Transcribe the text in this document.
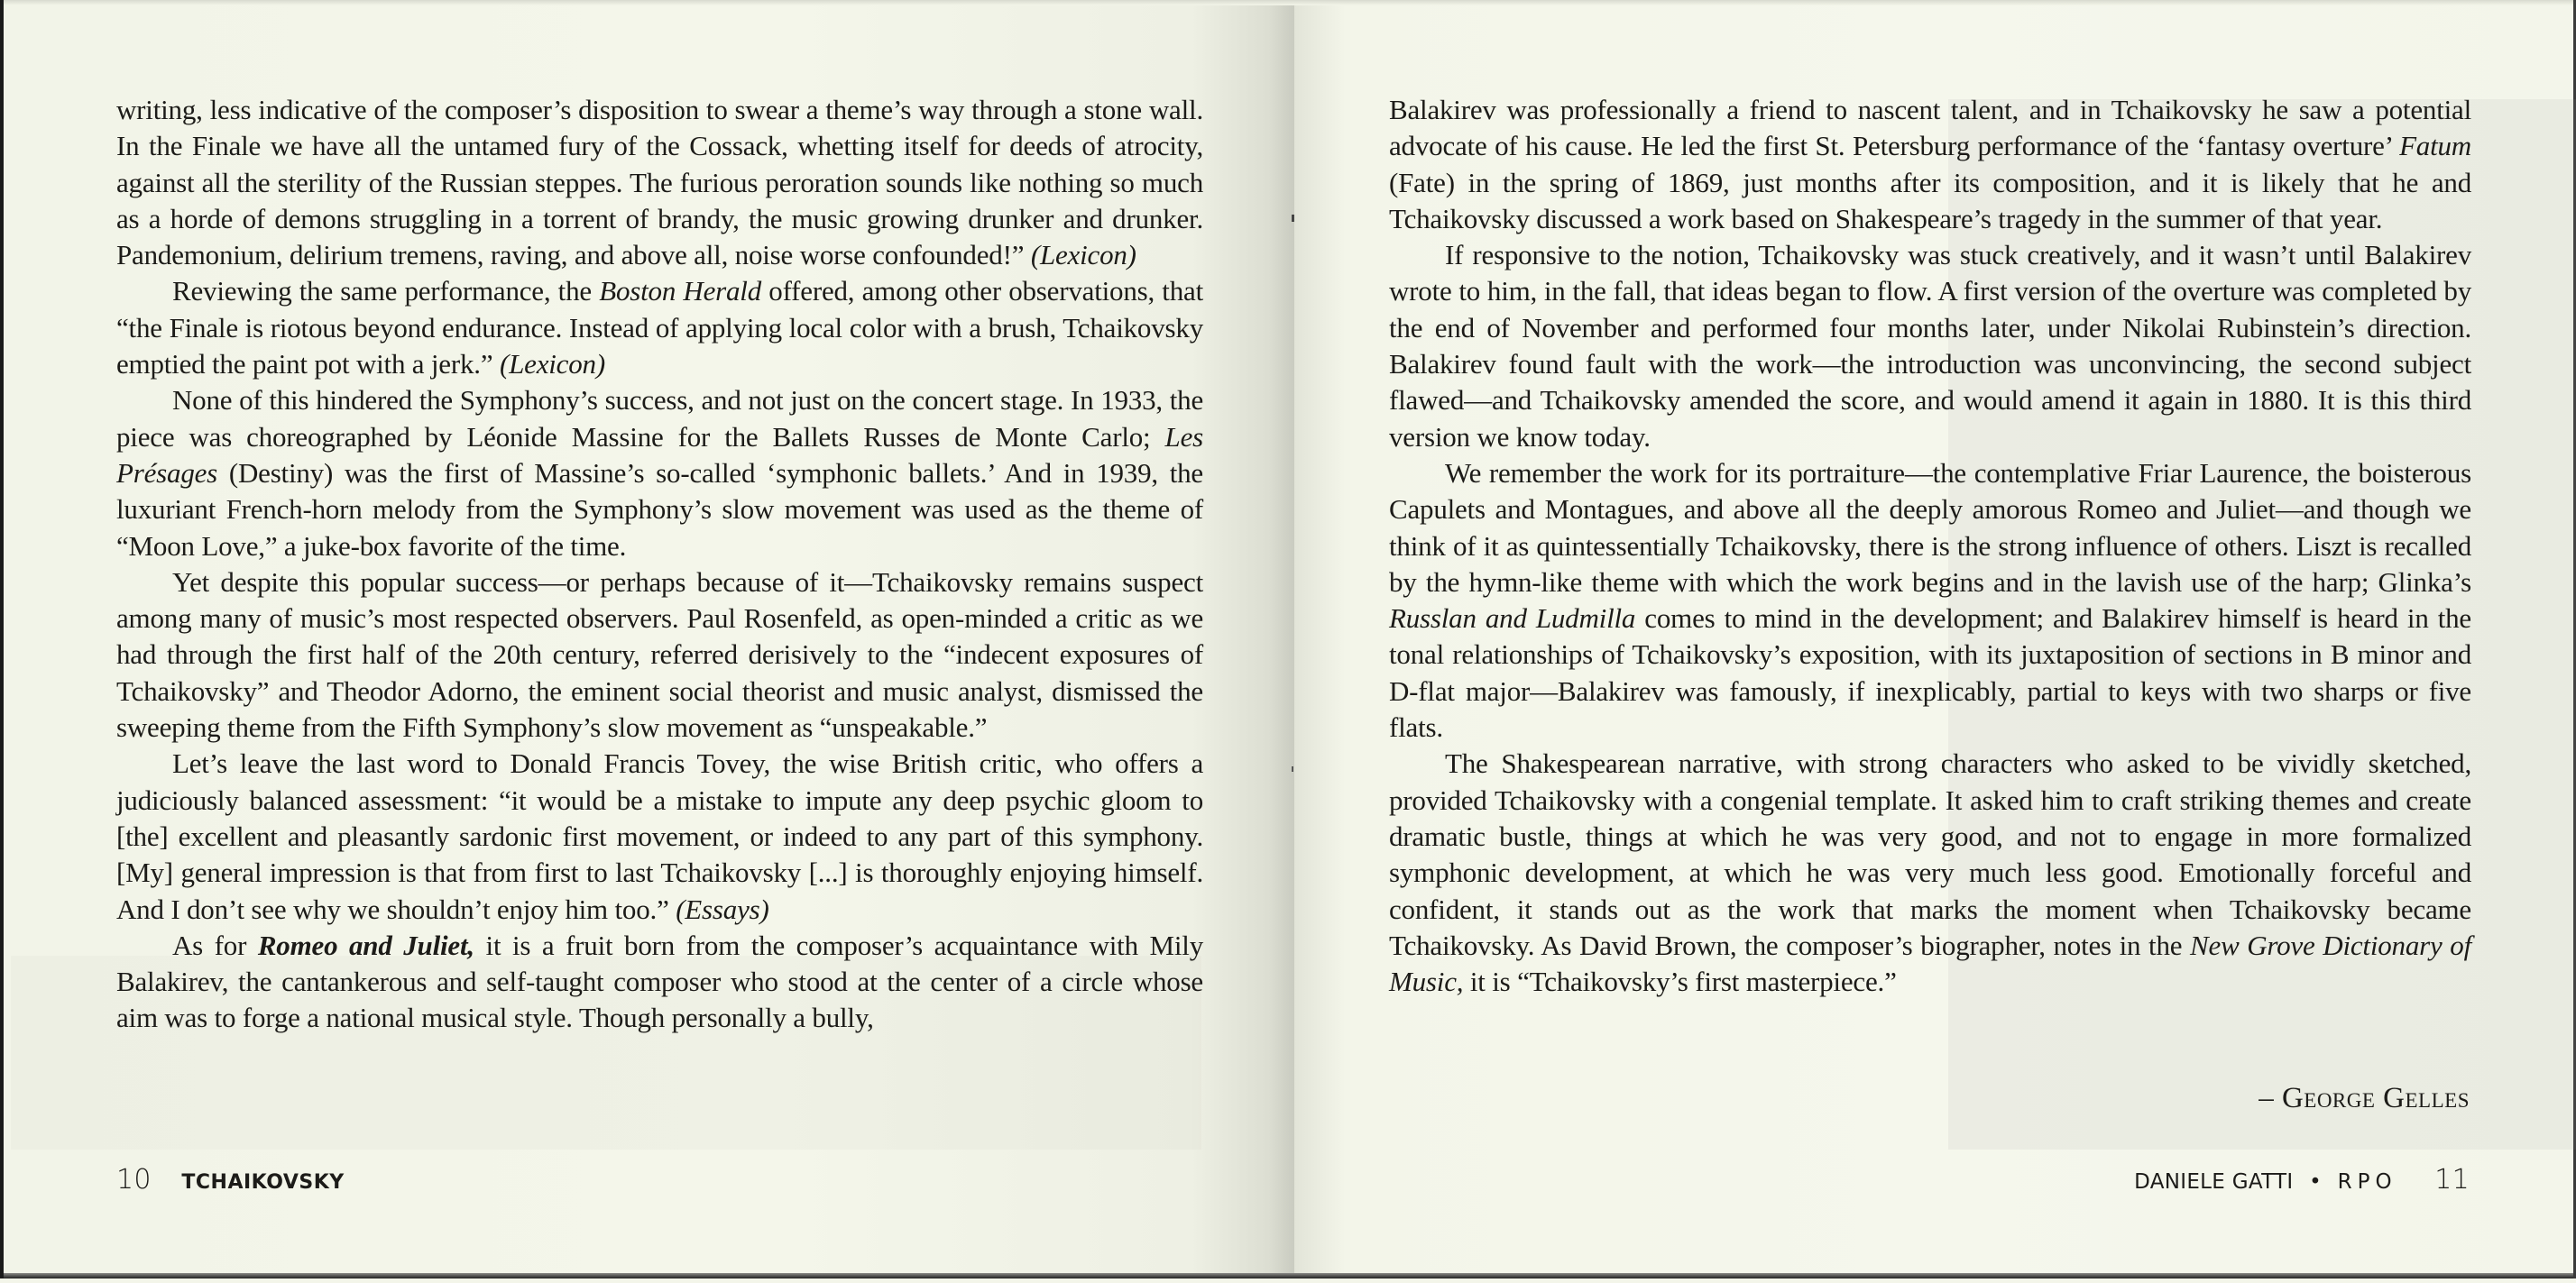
writing, less indicative of the composer’s disposition to swear a theme’s way through a stone wall. In the Finale we have all the untamed fury of the Cossack, whetting itself for deeds of atrocity, against all the sterility of the Russian steppes. The furious peroration sounds like nothing so much as a horde of demons struggling in a torrent of brandy, the music growing drunker and drunker. Pandemonium, delirium tremens, raving, and above all, noise worse confounded!” (Lexicon)

Reviewing the same performance, the Boston Herald offered, among other observations, that “the Finale is riotous beyond endurance. Instead of applying local color with a brush, Tchaikovsky emptied the paint pot with a jerk.” (Lexicon)

None of this hindered the Symphony’s success, and not just on the concert stage. In 1933, the piece was choreographed by Léonide Massine for the Ballets Russes de Monte Carlo; Les Présages (Destiny) was the first of Massine’s so-called ‘symphonic ballets.’ And in 1939, the luxuriant French-horn melody from the Symphony’s slow movement was used as the theme of “Moon Love,” a juke-box favorite of the time.

Yet despite this popular success—or perhaps because of it—Tchaikovsky remains suspect among many of music’s most respected observers. Paul Rosenfeld, as open-minded a critic as we had through the first half of the 20th century, referred derisively to the “indecent exposures of Tchaikovsky” and Theodor Adorno, the eminent social theorist and music analyst, dismissed the sweeping theme from the Fifth Symphony’s slow movement as “unspeakable.”

Let’s leave the last word to Donald Francis Tovey, the wise British critic, who offers a judiciously balanced assessment: “it would be a mistake to impute any deep psychic gloom to [the] excellent and pleasantly sardonic first movement, or indeed to any part of this symphony. [My] general impression is that from first to last Tchaikovsky [...] is thoroughly enjoying himself. And I don’t see why we shouldn’t enjoy him too.” (Essays)

As for Romeo and Juliet, it is a fruit born from the composer’s acquaintance with Mily Balakirev, the cantankerous and self-taught composer who stood at the center of a circle whose aim was to forge a national musical style. Though personally a bully,

10 TCHAIKOVSKY

Balakirev was professionally a friend to nascent talent, and in Tchaikovsky he saw a potential advocate of his cause. He led the first St. Petersburg performance of the ‘fantasy overture’ Fatum (Fate) in the spring of 1869, just months after its composition, and it is likely that he and Tchaikovsky discussed a work based on Shakespeare’s tragedy in the summer of that year.

If responsive to the notion, Tchaikovsky was stuck creatively, and it wasn’t until Balakirev wrote to him, in the fall, that ideas began to flow. A first version of the overture was completed by the end of November and performed four months later, under Nikolai Rubinstein’s direction. Balakirev found fault with the work—the introduction was unconvincing, the second subject flawed—and Tchaikovsky amended the score, and would amend it again in 1880. It is this third version we know today.

We remember the work for its portraiture—the contemplative Friar Laurence, the boisterous Capulets and Montagues, and above all the deeply amorous Romeo and Juliet—and though we think of it as quintessentially Tchaikovsky, there is the strong influence of others. Liszt is recalled by the hymn-like theme with which the work begins and in the lavish use of the harp; Glinka’s Russlan and Ludmilla comes to mind in the development; and Balakirev himself is heard in the tonal relationships of Tchaikovsky’s exposition, with its juxtaposition of sections in B minor and D-flat major—Balakirev was famously, if inexplicably, partial to keys with two sharps or five flats.

The Shakespearean narrative, with strong characters who asked to be vividly sketched, provided Tchaikovsky with a congenial template. It asked him to craft striking themes and create dramatic bustle, things at which he was very good, and not to engage in more formalized symphonic development, at which he was very much less good. Emotionally forceful and confident, it stands out as the work that marks the moment when Tchaikovsky became Tchaikovsky. As David Brown, the composer’s biographer, notes in the New Grove Dictionary of Music, it is “Tchaikovsky’s first masterpiece.”

– George Gelles
DANIELE GATTI • RPO 11
